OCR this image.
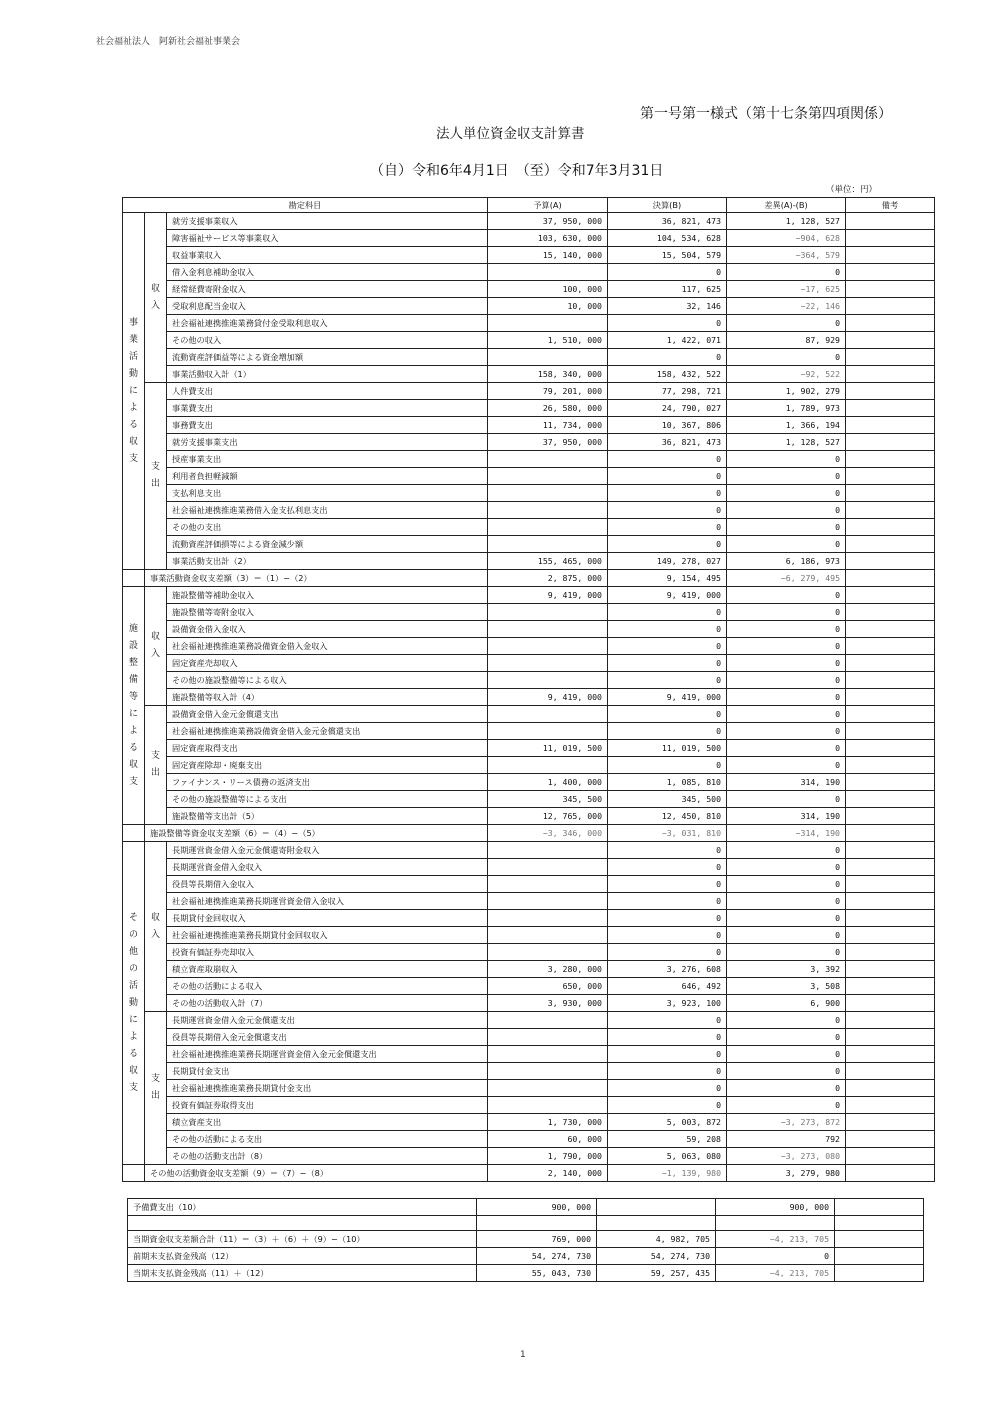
社会福祉法人　阿新社会福祉事業会
第一号第一様式（第十七条第四項関係）
法人単位資金収支計算書
（自）令和6年4月1日　（至）令和7年3月31日
（単位：円）
勘定科目			予算(A)	決算(B)	差異(A)-(B)	備考
事業活動による収支	収入	就労支援事業収入	37, 950, 000	36, 821, 473	1, 128, 527	
		障害福祉サービス等事業収入	103, 630, 000	104, 534, 628	−904, 628	
		収益事業収入	15, 140, 000	15, 504, 579	−364, 579	
		借入金利息補助金収入		0	0	
		経常経費寄附金収入	100, 000	117, 625	−17, 625	
		受取利息配当金収入	10, 000	32, 146	−22, 146	
		社会福祉連携推進業務貸付金受取利息収入		0	0	
		その他の収入	1, 510, 000	1, 422, 071	87, 929	
		流動資産評価益等による資金増加額		0	0	
		事業活動収入計（1）	158, 340, 000	158, 432, 522	−92, 522	
	支出	人件費支出	79, 201, 000	77, 298, 721	1, 902, 279	
		事業費支出	26, 580, 000	24, 790, 027	1, 789, 973	
		事務費支出	11, 734, 000	10, 367, 806	1, 366, 194	
		就労支援事業支出	37, 950, 000	36, 821, 473	1, 128, 527	
		授産事業支出		0	0	
		利用者負担軽減額		0	0	
		支払利息支出		0	0	
		社会福祉連携推進業務借入金支払利息支出		0	0	
		その他の支出		0	0	
		流動資産評価損等による資金減少額		0	0	
		事業活動支出計（2）	155, 465, 000	149, 278, 027	6, 186, 973	
	事業活動資金収支差額（3）＝（1）−（2）		2, 875, 000	9, 154, 495	−6, 279, 495	
施設整備等による収支	収入	施設整備等補助金収入	9, 419, 000	9, 419, 000	0	
		施設整備等寄附金収入		0	0	
		設備資金借入金収入		0	0	
		社会福祉連携推進業務設備資金借入金収入		0	0	
		固定資産売却収入		0	0	
		その他の施設整備等による収入		0	0	
		施設整備等収入計（4）	9, 419, 000	9, 419, 000	0	
	支出	設備資金借入金元金償還支出		0	0	
		社会福祉連携推進業務設備資金借入金元金償還支出		0	0	
		固定資産取得支出	11, 019, 500	11, 019, 500	0	
		固定資産除却・廃棄支出		0	0	
		ファイナンス・リース債務の返済支出	1, 400, 000	1, 085, 810	314, 190	
		その他の施設整備等による支出	345, 500	345, 500	0	
		施設整備等支出計（5）	12, 765, 000	12, 450, 810	314, 190	
	施設整備等資金収支差額（6）＝（4）−（5）		−3, 346, 000	−3, 031, 810	−314, 190	
その他の活動による収支	収入	長期運営資金借入金元金償還寄附金収入		0	0	
		長期運営資金借入金収入		0	0	
		役員等長期借入金収入		0	0	
		社会福祉連携推進業務長期運営資金借入金収入		0	0	
		長期貸付金回収収入		0	0	
		社会福祉連携推進業務長期貸付金回収収入		0	0	
		投資有価証券売却収入		0	0	
		積立資産取崩収入	3, 280, 000	3, 276, 608	3, 392	
		その他の活動による収入	650, 000	646, 492	3, 508	
		その他の活動収入計（7）	3, 930, 000	3, 923, 100	6, 900	
	支出	長期運営資金借入金元金償還支出		0	0	
		役員等長期借入金元金償還支出		0	0	
		社会福祉連携推進業務長期運営資金借入金元金償還支出		0	0	
		長期貸付金支出		0	0	
		社会福祉連携推進業務長期貸付金支出		0	0	
		投資有価証券取得支出		0	0	
		積立資産支出	1, 730, 000	5, 003, 872	−3, 273, 872	
		その他の活動による支出	60, 000	59, 208	792	
		その他の活動支出計（8）	1, 790, 000	5, 063, 080	−3, 273, 080	
	その他の活動資金収支差額（9）＝（7）−（8）		2, 140, 000	−1, 139, 980	3, 279, 980	
予備費支出（10）	900, 000		900, 000	

当期資金収支差額合計（11）＝（3）＋（6）＋（9）−（10）	769, 000	4, 982, 705	−4, 213, 705	
前期末支払資金残高（12）	54, 274, 730	54, 274, 730	0	
当期末支払資金残高（11）＋（12）	55, 043, 730	59, 257, 435	−4, 213, 705	
1
